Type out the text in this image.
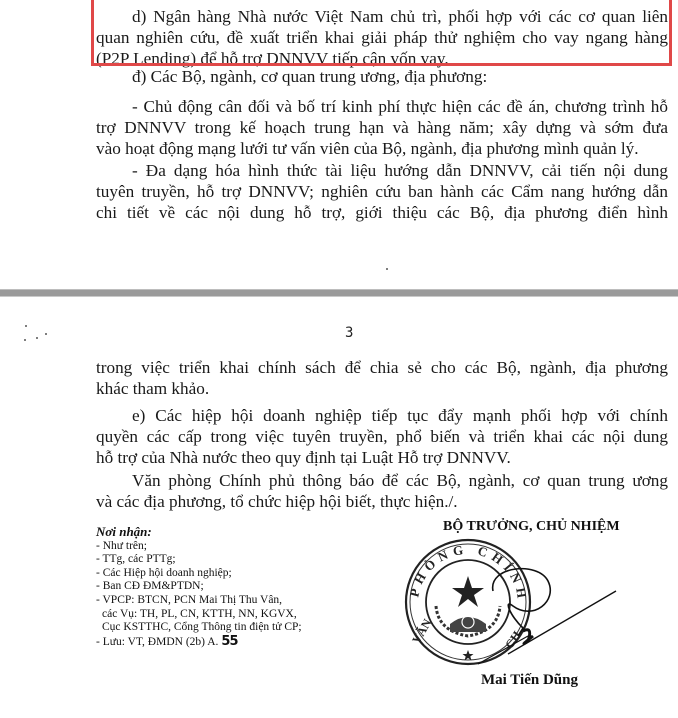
d) Ngân hàng Nhà nước Việt Nam chủ trì, phối hợp với các cơ quan liên
quan nghiên cứu, đề xuất triển khai giải pháp thử nghiệm cho vay ngang hàng
(P2P Lending) để hỗ trợ DNNVV tiếp cận vốn vay.
đ) Các Bộ, ngành, cơ quan trung ương, địa phương:
- Chủ động cân đối và bố trí kinh phí thực hiện các đề án, chương trình hỗ
trợ DNNVV trong kế hoạch trung hạn và hàng năm; xây dựng và sớm đưa
vào hoạt động mạng lưới tư vấn viên của Bộ, ngành, địa phương mình quản lý.
- Đa dạng hóa hình thức tài liệu hướng dẫn DNNVV, cải tiến nội dung
tuyên truyền, hỗ trợ DNNVV; nghiên cứu ban hành các Cẩm nang hướng dẫn
chi tiết về các nội dung hỗ trợ, giới thiệu các Bộ, địa phương điển hình
3
trong việc triển khai chính sách để chia sẻ cho các Bộ, ngành, địa phương
khác tham khảo.
e) Các hiệp hội doanh nghiệp tiếp tục đẩy mạnh phối hợp với chính
quyền các cấp trong việc tuyên truyền, phổ biến và triển khai các nội dung
hỗ trợ của Nhà nước theo quy định tại Luật Hỗ trợ DNNVV.
Văn phòng Chính phủ thông báo để các Bộ, ngành, cơ quan trung ương
và các địa phương, tổ chức hiệp hội biết, thực hiện./.
Nơi nhận:
- Như trên;
- TTg, các PTTg;
- Các Hiệp hội doanh nghiệp;
- Ban CĐ ĐM&PTDN;
- VPCP: BTCN, PCN Mai Thị Thu Vân,
các Vụ: TH, PL, CN, KTTH, NN, KGVX,
Cục KSTTHC, Cổng Thông tin điện tử CP;
- Lưu: VT, ĐMDN (2b) A. 55
BỘ TRƯỞNG, CHỦ NHIỆM
PHÒNG CHÍNH
VĂN	CH
Mai Tiến Dũng
